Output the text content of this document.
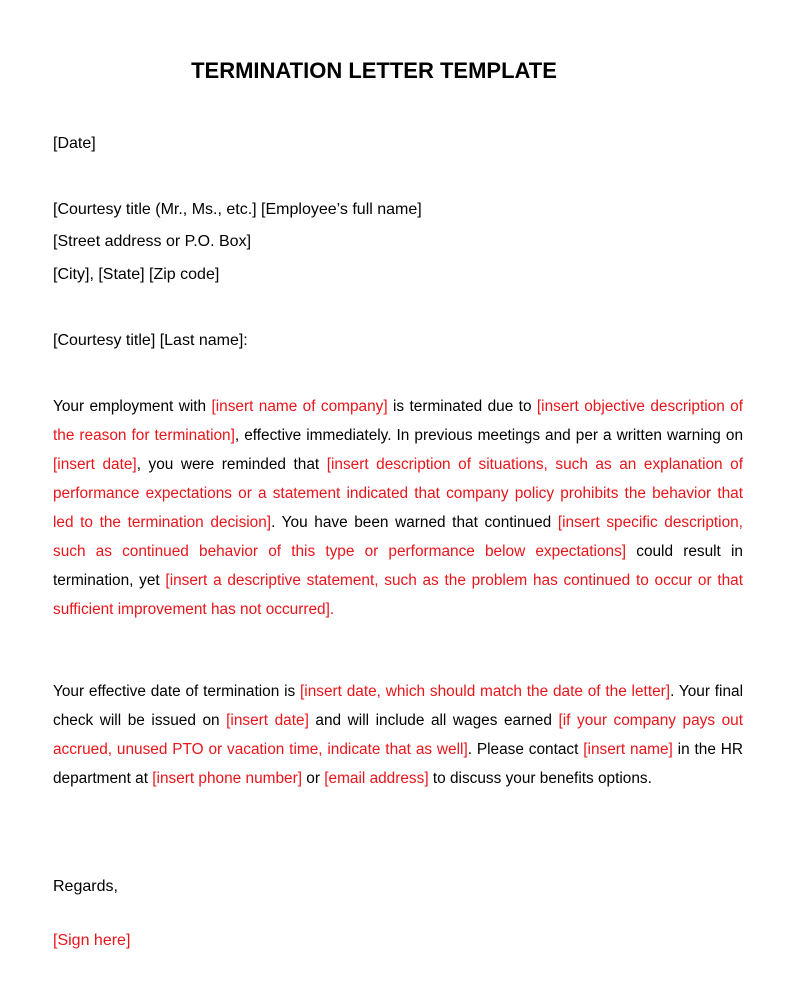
TERMINATION LETTER TEMPLATE
[Date]
[Courtesy title (Mr., Ms., etc.] [Employee’s full name]
[Street address or P.O. Box]
[City], [State] [Zip code]
[Courtesy title] [Last name]:
Your employment with [insert name of company] is terminated due to [insert objective description of the reason for termination], effective immediately. In previous meetings and per a written warning on [insert date], you were reminded that [insert description of situations, such as an explanation of performance expectations or a statement indicated that company policy prohibits the behavior that led to the termination decision]. You have been warned that continued [insert specific description, such as continued behavior of this type or performance below expectations] could result in termination, yet [insert a descriptive statement, such as the problem has continued to occur or that sufficient improvement has not occurred].
Your effective date of termination is [insert date, which should match the date of the letter]. Your final check will be issued on [insert date] and will include all wages earned [if your company pays out accrued, unused PTO or vacation time, indicate that as well]. Please contact [insert name] in the HR department at [insert phone number] or [email address] to discuss your benefits options.
Regards,
[Sign here]
